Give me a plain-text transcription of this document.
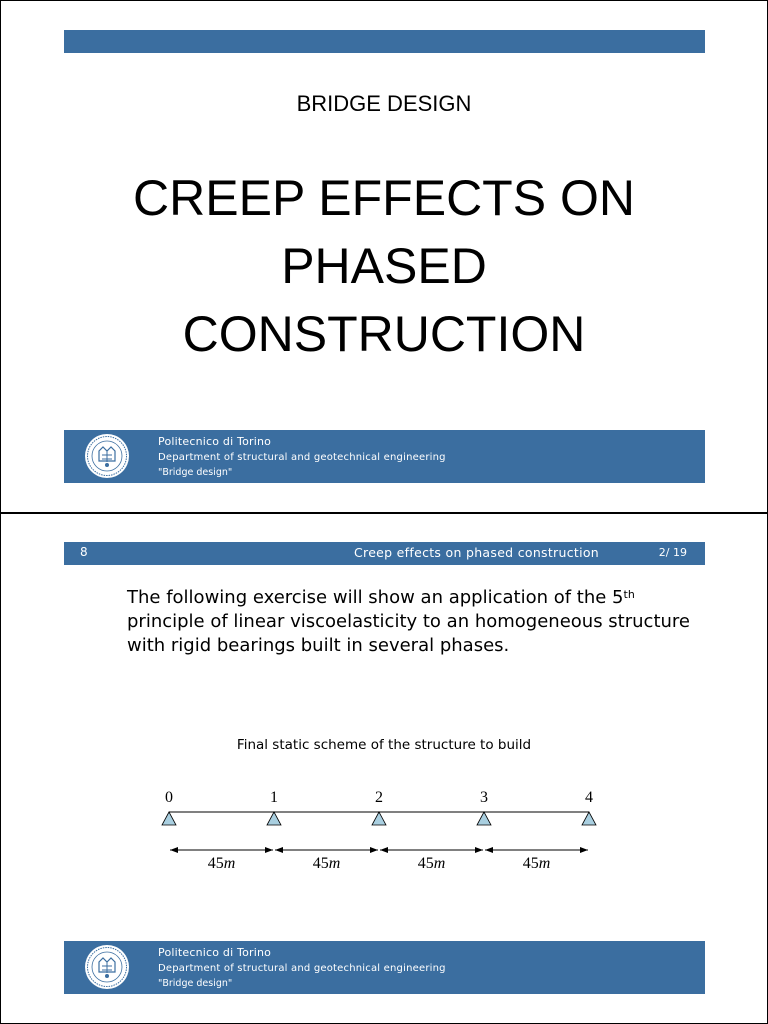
BRIDGE DESIGN
CREEP EFFECTS ON
PHASED
CONSTRUCTION
Politecnico di Torino
Department of structural and geotechnical engineering
"Bridge design"
8	Creep effects on phased construction	2/ 19
The following exercise will show an application of the 5th principle of linear viscoelasticity to an homogeneous structure with rigid bearings built in several phases.
Final static scheme of the structure to build
0	1	2	3	4
45m	45m	45m	45m
Politecnico di Torino
Department of structural and geotechnical engineering
"Bridge design"
